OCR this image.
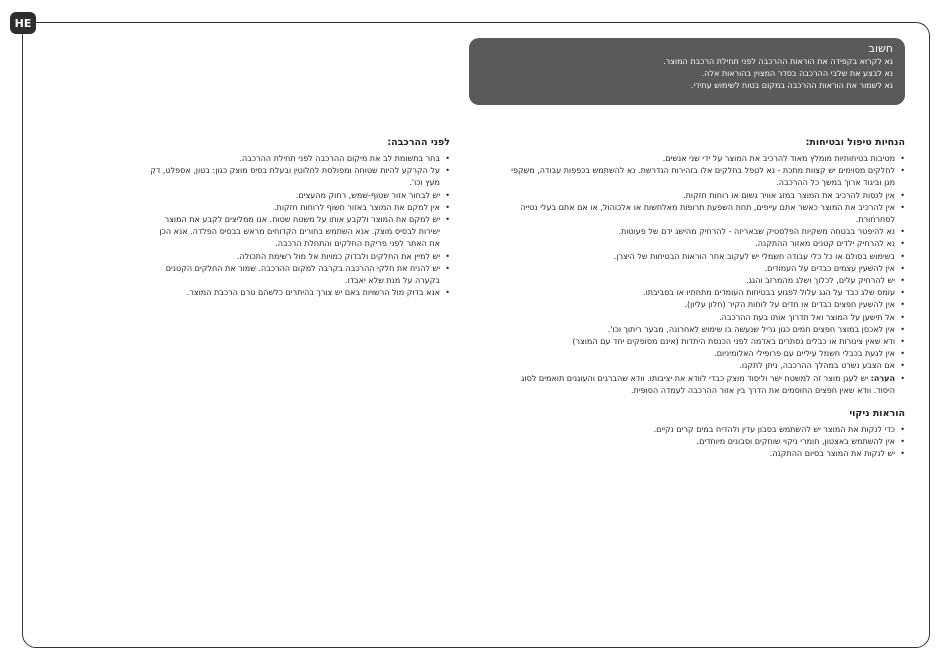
HE
חשוב
נא לקרוא בקפידה את הוראות ההרכבה לפני תחילת הרכבת המוצר.
נא לבצע את שלבי ההרכבה בסדר המצוין בהוראות אלה.
נא לשמור את הוראות ההרכבה במקום בטוח לשימוש עתידי.
הנחיות טיפול ובטיחות:
• מטיבות בטיחותיות מומלץ מאוד להרכיב את המוצר על ידי שני אנשים.
• לחלקים מסוימים יש קצוות מתכת - נא לטפל בחלקים אלו בזהירות הנדרשת. נא להשתמש בכפפות עבודה, משקפי מגן וביגוד ארוך במשך כל ההרכבה.
• אין לנסות להרכיב את המוצר במזג אוויר גשום או רוחות חזקות.
• אין להרכיב את המוצר כאשר אתם עייפים, תחת השפעת תרופות מאלחשות או אלכוהול, או אם אתם בעלי נטייה לסחרחורת.
• נא להיפטר בבטחה משקיות הפלסטיק שבאריזה - להרחיק מהישג ידם של פעוטות.
• נא להרחיק ילדים קטנים מאזור ההתקנה.
• בשימוש בסולם או כל כלי עבודה חשמלי יש לעקוב אחר הוראות הבטיחות של היצרן.
• אין להשעין עצמים כבדים על העמודים.
• יש להרחיק עלים, לכלוך ושלג מהמרזב והגג.
• עומס שלג כבד על הגג עלול לפגוע בבטיחות העומדים מתחתיו או בסביבתו.
• אין להשעין חפצים כבדים או חדים על לוחות הקיר (חלון עליון).
• אל תישען על המוצר ואל תדרוך אותו בעת ההרכבה.
• אין לאכסן במוצר חפצים חמים כגון גריל שנעשה בו שימוש לאחרונה, מבער ריתוך וכו'.
• ודא שאין צינורות או כבלים נסתרים באדמה לפני הכנסת היתדות (אינם מסופקים יחד עם המוצר)
• אין לגעת בכבלי חשמל עיליים עם פרופילי האלומיניום.
• אם הצבע נשרט במהלך ההרכבה, ניתן לתקנו.
• הערה: יש לעגן מוצר זה למשטח ישר וליסוד מוצק כבדי לוודא את יציבותו. וודא שהברגים והעוגנים תואמים לסוג היסוד. וודא שאין חפצים החוסמים את הדרך בין אזור ההרכבה לעמדה הסופית.
הוראות ניקוי
• כדי לנקות את המוצר יש להשתמש בסבון עדין ולהדיח במים קרים נקיים.
• אין להשתמש באצטון, חומרי ניקוי שוחקים וסבונים מיוחדים.
• יש לנקות את המוצר בסיום ההתקנה.
לפני ההרכבה:
• בחר בתשומת לב את מיקום ההרכבה לפני תחילת ההרכבה.
• על הקרקע להיות שטוחה ומפולסת לחלוטין ובעלת בסיס מוצק כגון: בטון, אספלט, דק מעץ וכו'.
• יש לבחור אזור שטוף-שמש, רחוק מהעצים.
• אין למקם את המוצר באזור חשוף לרוחות חזקות.
• יש למקם את המוצר ולקבע אותו על משטח שטוח. אנו ממליצים לקבע את המוצר ישירות לבסיס מוצק. אנא השתמש בחורים הקדוחים מראש בבסיס הפלדה. אנא הכן את האתר לפני פריקת החלקים והתחלת הרכבה.
• יש למיין את החלקים ולבדוק כמויות אל מול רשימת התכולה.
• יש להניח את חלקי ההרכבה בקרבה למקום ההרכבה. שמור את החלקים הקטנים בקערה על מנת שלא יאבדו.
• אנא בדוק מול הרשויות באם יש צורך בהיתרים כלשהם טרם הרכבת המוצר.
